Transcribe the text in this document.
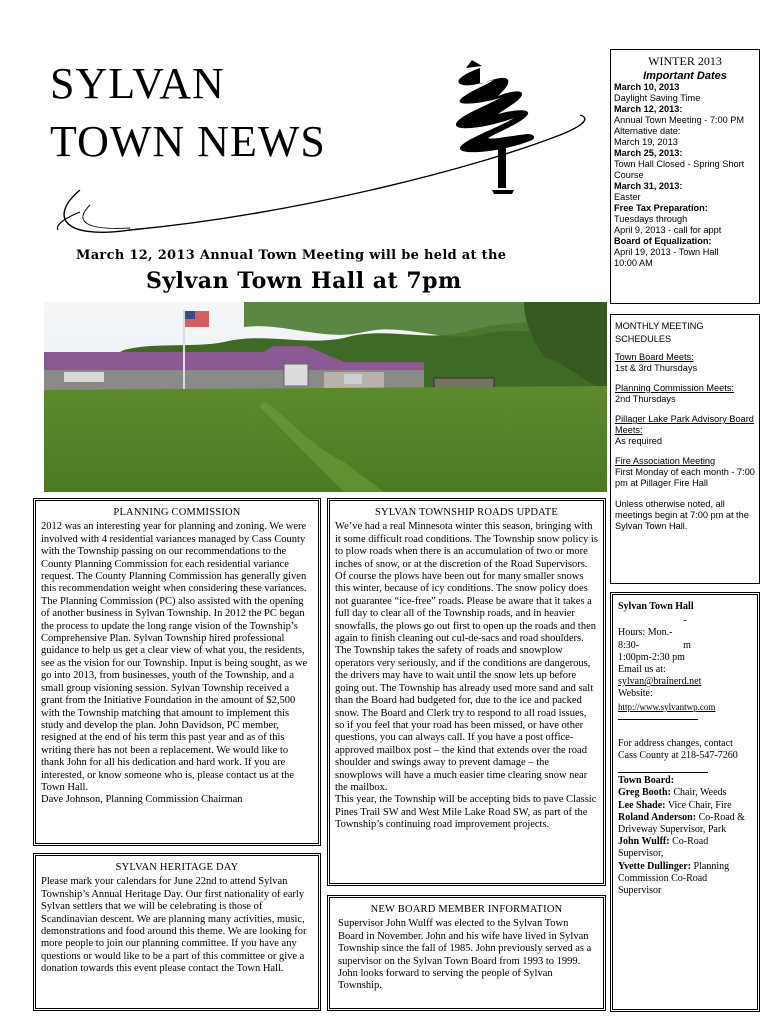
SYLVAN
TOWN NEWS
March 12, 2013 Annual Town Meeting will be held at the
Sylvan Town Hall at 7pm
WINTER 2013
Important Dates
March 10, 2013
Daylight Saving Time
March 12, 2013:
Annual Town Meeting - 7:00 PM
Alternative date:
March 19, 2013
March 25, 2013:
Town Hall Closed - Spring Short Course
March 31, 2013:
Easter
Free Tax Preparation:
Tuesdays through
April 9, 2013 - call for appt
Board of Equalization:
April 19, 2013 - Town Hall
10:00 AM
MONTHLY MEETING SCHEDULES
Town Board Meets:
1st & 3rd Thursdays
Planning Commission Meets:
2nd Thursdays
Pillager Lake Park Advisory Board Meets:
As required
Fire Association Meeting
First Monday of each month - 7:00 pm at Pillager Fire Hall
Unless otherwise noted, all meetings begin at 7:00 pm at the Sylvan Town Hall.
Sylvan Town Hall
-
Hours: Mon.-
8:30-	m
1:00pm-2:30 pm
Email us at:
sylvan@brainerd.net
Website:
http://www.sylvantwp.com
For address changes, contact Cass County at 218-547-7260
Town Board:
Greg Booth: Chair, Weeds
Lee Shade: Vice Chair, Fire
Roland Anderson: Co-Road & Driveway Supervisor, Park
John Wulff: Co-Road Supervisor,
Yvette Dullinger: Planning Commission Co-Road Supervisor
PLANNING COMMISSION

2012 was an interesting year for planning and zoning. We were involved with 4 residential variances managed by Cass County with the Township passing on our recommendations to the County Planning Commission for each residential variance request. The County Planning Commission has generally given this recommendation weight when considering these variances. The Planning Commission (PC) also assisted with the opening of another business in Sylvan Township. In 2012 the PC began the process to update the long range vision of the Township’s Comprehensive Plan. Sylvan Township hired professional guidance to help us get a clear view of what you, the residents, see as the vision for our Township. Input is being sought, as we go into 2013, from businesses, youth of the Township, and a small group visioning session. Sylvan Township received a grant from the Initiative Foundation in the amount of $2,500 with the Township matching that amount to implement this study and develop the plan. John Davidson, PC member, resigned at the end of his term this past year and as of this writing there has not been a replacement. We would like to thank John for all his dedication and hard work. If you are interested, or know someone who is, please contact us at the Town Hall.

Dave Johnson, Planning Commission Chairman

SYLVAN HERITAGE DAY

Please mark your calendars for June 22nd to attend Sylvan Township’s Annual Heritage Day. Our first nationality of early Sylvan settlers that we will be celebrating is those of Scandinavian descent. We are planning many activities, music, demonstrations and food around this theme. We are looking for more people to join our planning committee. If you have any questions or would like to be a part of this committee or give a donation towards this event please contact the Town Hall.

SYLVAN TOWNSHIP ROADS UPDATE

We’ve had a real Minnesota winter this season, bringing with it some difficult road conditions. The Township snow policy is to plow roads when there is an accumulation of two or more inches of snow, or at the discretion of the Road Supervisors. Of course the plows have been out for many smaller snows this winter, because of icy conditions. The snow policy does not guarantee “ice-free” roads. Please be aware that it takes a full day to clear all of the Township roads, and in heavier snowfalls, the plows go out first to open up the roads and then again to finish cleaning out cul-de-sacs and road shoulders. The Township takes the safety of roads and snowplow operators very seriously, and if the conditions are dangerous, the drivers may have to wait until the snow lets up before going out. The Township has already used more sand and salt than the Board had budgeted for, due to the ice and packed snow. The Board and Clerk try to respond to all road issues, so if you feel that your road has been missed, or have other questions, you can always call. If you have a post office-approved mailbox post – the kind that extends over the road shoulder and swings away to prevent damage – the snowplows will have a much easier time clearing snow near the mailbox.

This year, the Township will be accepting bids to pave Classic Pines Trail SW and West Mile Lake Road SW, as part of the Township’s continuing road improvement projects.

NEW BOARD MEMBER INFORMATION

Supervisor John Wulff was elected to the Sylvan Town Board in November. John and his wife have lived in Sylvan Township since the fall of 1985. John previously served as a supervisor on the Sylvan Town Board from 1993 to 1999. John looks forward to serving the people of Sylvan Township.
